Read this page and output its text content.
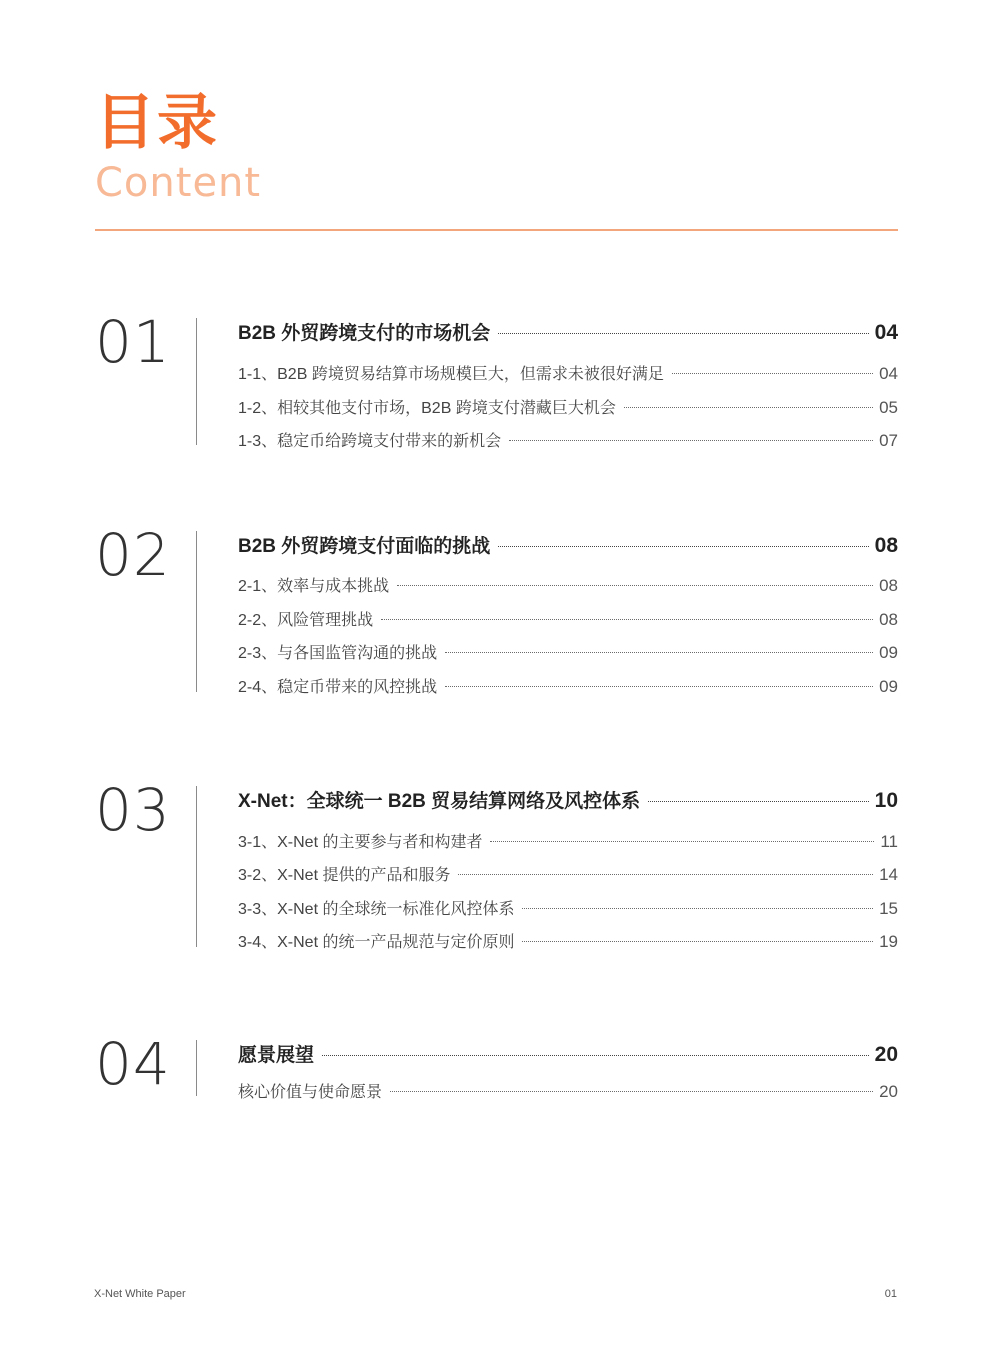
目录
Content
01	B2B 外贸跨境支付的市场机会	04
1-1、B2B 跨境贸易结算市场规模巨大，但需求未被很好满足	04
1-2、相较其他支付市场，B2B 跨境支付潜藏巨大机会	05
1-3、稳定币给跨境支付带来的新机会	07
02	B2B 外贸跨境支付面临的挑战	08
2-1、效率与成本挑战	08
2-2、风险管理挑战	08
2-3、与各国监管沟通的挑战	09
2-4、稳定币带来的风控挑战	09
03	X-Net：全球统一 B2B 贸易结算网络及风控体系	10
3-1、X-Net 的主要参与者和构建者	11
3-2、X-Net 提供的产品和服务	14
3-3、X-Net 的全球统一标准化风控体系	15
3-4、X-Net 的统一产品规范与定价原则	19
04	愿景展望	20
核心价值与使命愿景	20
X-Net White Paper	01
